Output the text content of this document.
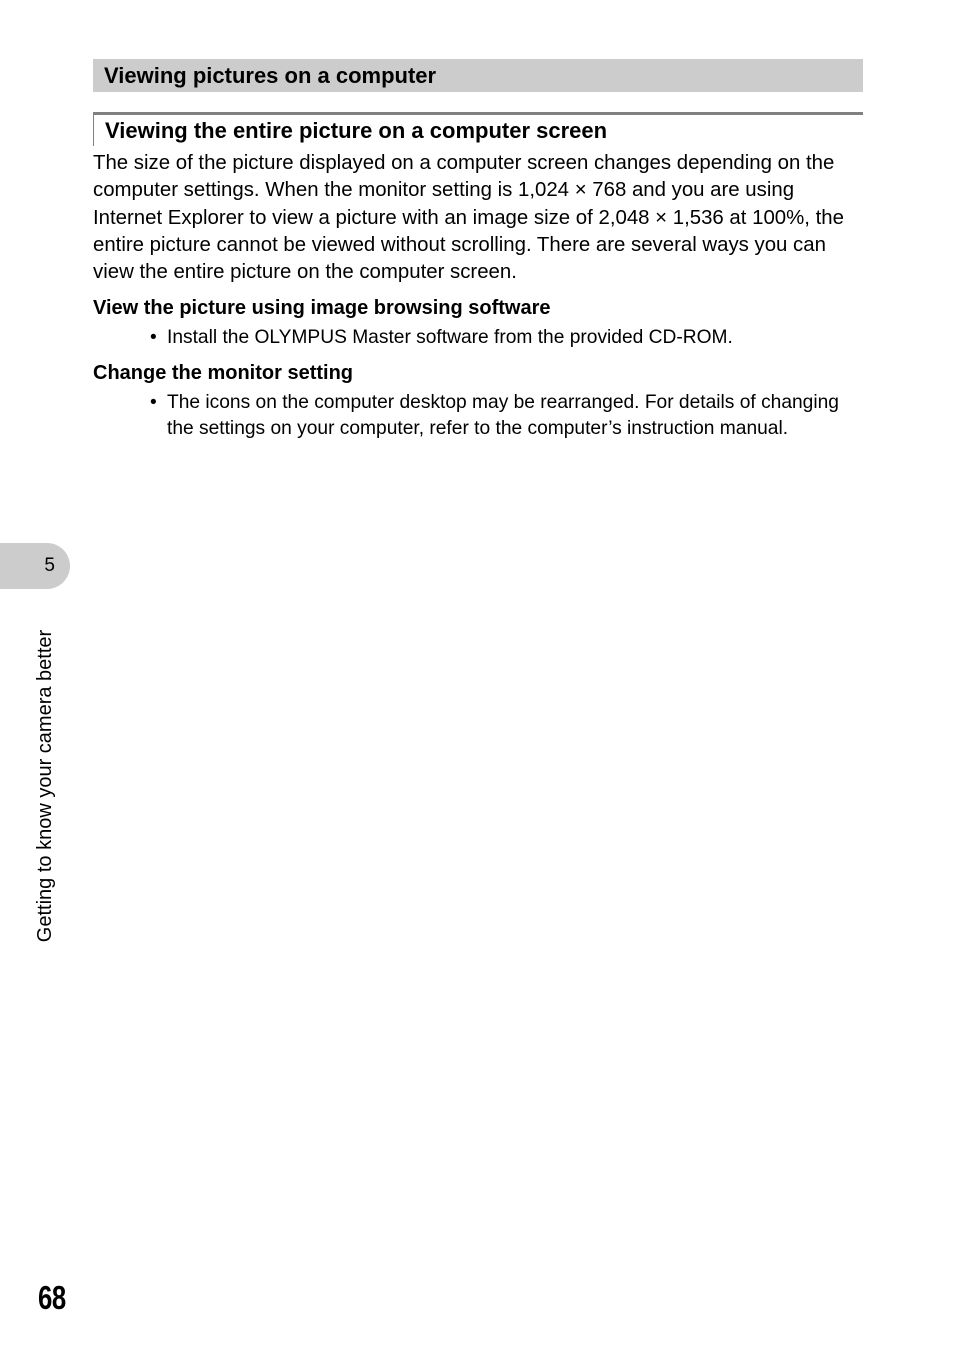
Viewing pictures on a computer
Viewing the entire picture on a computer screen

The size of the picture displayed on a computer screen changes depending on the computer settings. When the monitor setting is 1,024 × 768 and you are using Internet Explorer to view a picture with an image size of 2,048 × 1,536 at 100%, the entire picture cannot be viewed without scrolling. There are several ways you can view the entire picture on the computer screen.

View the picture using image browsing software

• Install the OLYMPUS Master software from the provided CD-ROM.

Change the monitor setting

• The icons on the computer desktop may be rearranged. For details of changing the settings on your computer, refer to the computer’s instruction manual.
5
Getting to know your camera better
68
